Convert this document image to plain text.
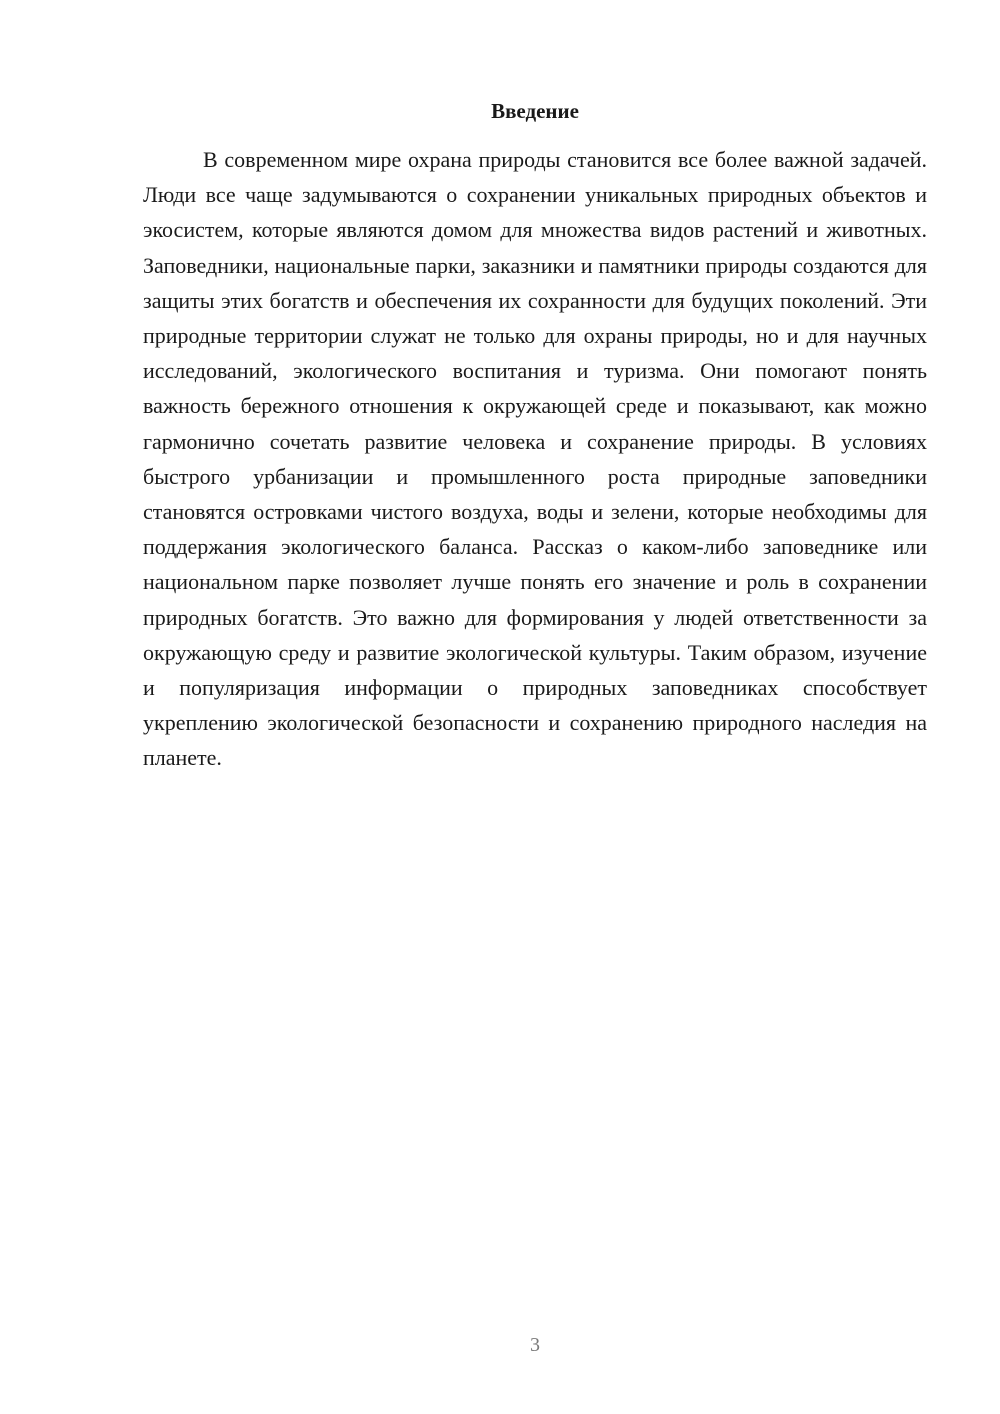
Введение

В современном мире охрана природы становится все более важной задачей. Люди все чаще задумываются о сохранении уникальных природных объектов и экосистем, которые являются домом для множества видов растений и животных. Заповедники, национальные парки, заказники и памятники природы создаются для защиты этих богатств и обеспечения их сохранности для будущих поколений. Эти природные территории служат не только для охраны природы, но и для научных исследований, экологического воспитания и туризма. Они помогают понять важность бережного отношения к окружающей среде и показывают, как можно гармонично сочетать развитие человека и сохранение природы. В условиях быстрого урбанизации и промышленного роста природные заповедники становятся островками чистого воздуха, воды и зелени, которые необходимы для поддержания экологического баланса. Рассказ о каком-либо заповеднике или национальном парке позволяет лучше понять его значение и роль в сохранении природных богатств. Это важно для формирования у людей ответственности за окружающую среду и развитие экологической культуры. Таким образом, изучение и популяризация информации о природных заповедниках способствует укреплению экологической безопасности и сохранению природного наследия на планете.

3
